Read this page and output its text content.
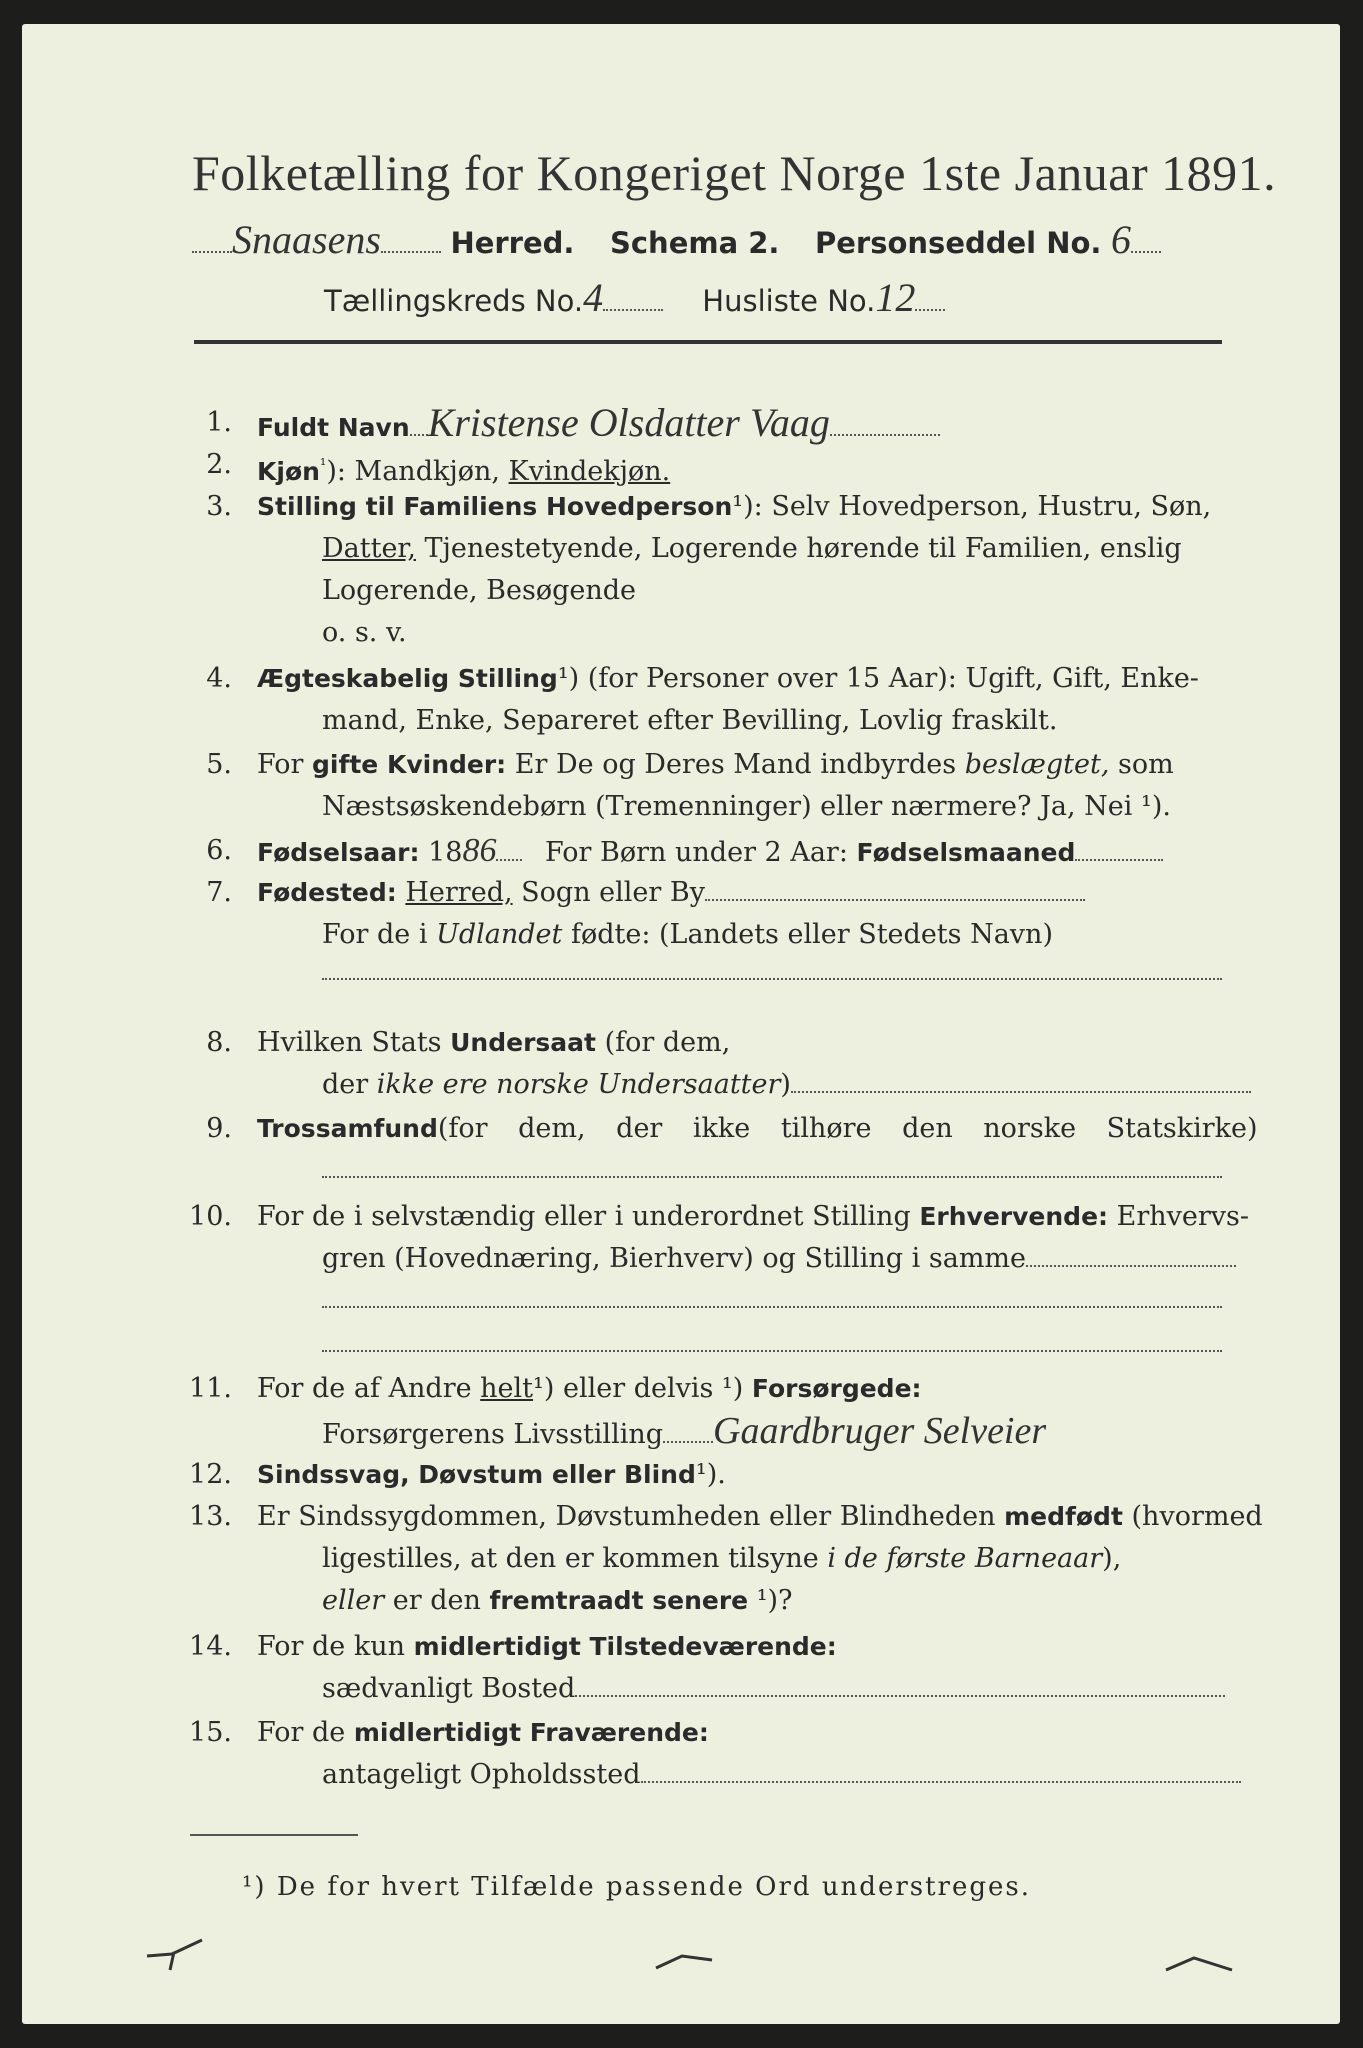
Folketælling for Kongeriget Norge 1ste Januar 1891.
Snaasens Herred. Schema 2. Personseddel No. 6
Tællingskreds No.4	Husliste No.12
1. Fuldt Navn Kristense Olsdatter Vaag
2. Kjøn$^{^1}$): Mandkjøn, Kvindekjøn.
3. Stilling til Familiens Hovedperson¹): Selv Hovedperson, Hustru, Søn,
Datter, Tjenestetyende, Logerende hørende til Familien, enslig
Logerende, Besøgende
o. s. v.
4. Ægteskabelig Stilling¹) (for Personer over 15 Aar): Ugift, Gift, Enke-
mand, Enke, Separeret efter Bevilling, Lovlig fraskilt.
5. For gifte Kvinder: Er De og Deres Mand indbyrdes beslægtet, som
Næstsøskendebørn (Tremenninger) eller nærmere? Ja, Nei ¹).
6. Fødselsaar: 1886 For Børn under 2 Aar: Fødselsmaaned
7. Fødested: Herred, Sogn eller By
For de i Udlandet fødte: (Landets eller Stedets Navn)
8. Hvilken Stats Undersaat (for dem,
der ikke ere norske Undersaatter)
9. Trossamfund (for dem, der ikke tilhøre den norske Statskirke)
10. For de i selvstændig eller i underordnet Stilling Erhvervende: Erhvervs-
gren (Hovednæring, Bierhverv) og Stilling i samme
11. For de af Andre helt¹) eller delvis ¹) Forsørgede:
Forsørgerens Livsstilling Gaardbruger Selveier
12. Sindssvag, Døvstum eller Blind¹).
13. Er Sindssygdommen, Døvstumheden eller Blindheden medfødt (hvormed
ligestilles, at den er kommen tilsyne i de første Barneaar),
eller er den fremtraadt senere ¹)?
14. For de kun midlertidigt Tilstedeværende:
sædvanligt Bosted
15. For de midlertidigt Fraværende:
antageligt Opholdssted
¹) De for hvert Tilfælde passende Ord understreges.
